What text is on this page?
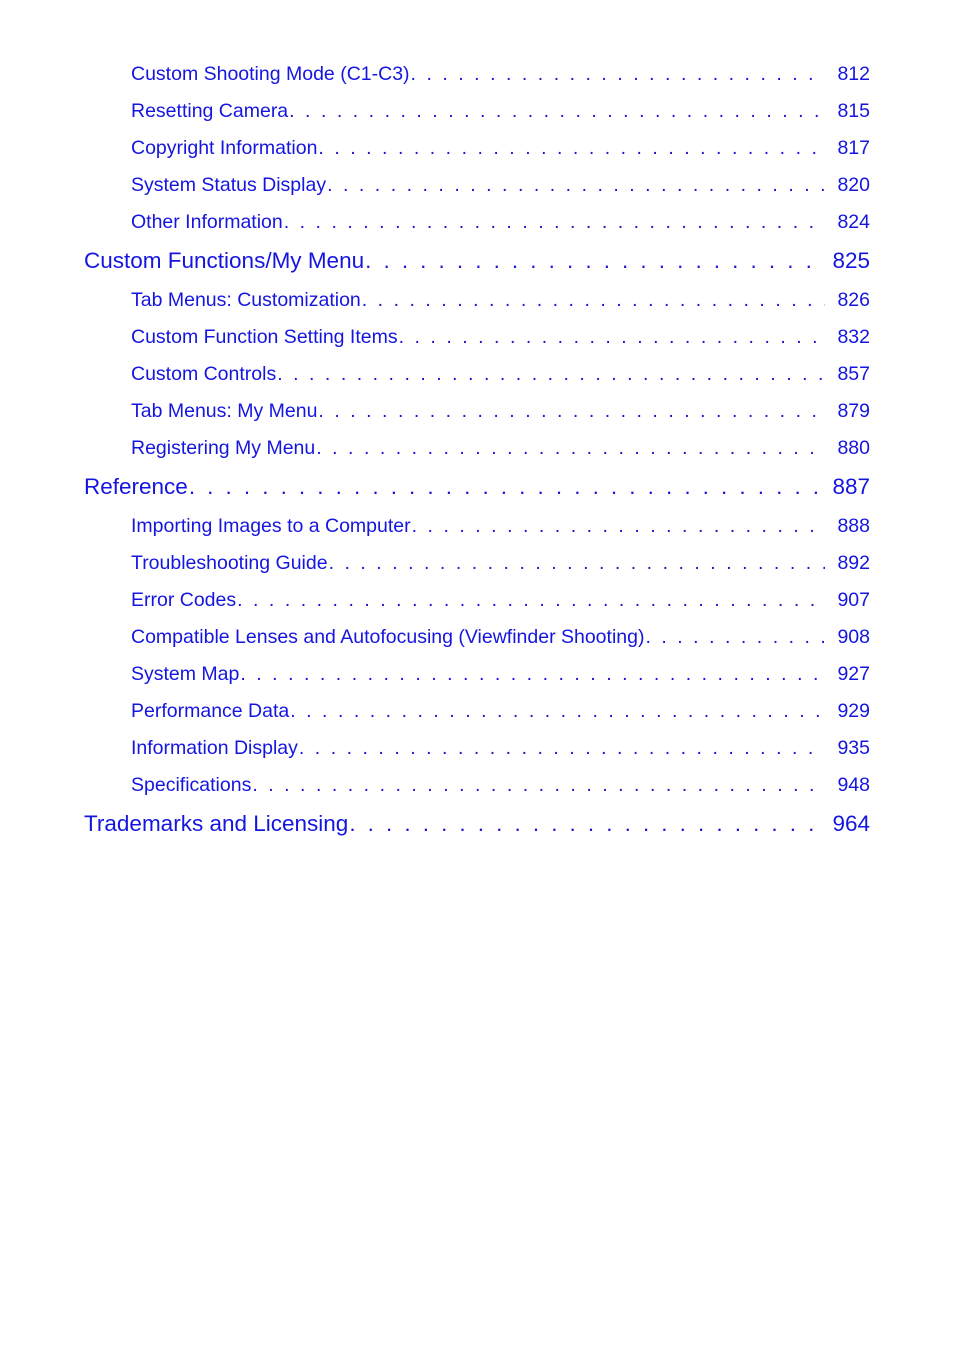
Custom Shooting Mode (C1-C3) . . .	812
Resetting Camera . . .	815
Copyright Information . . .	817
System Status Display . . .	820
Other Information . . .	824
Custom Functions/My Menu . . .	825
Tab Menus: Customization . . .	826
Custom Function Setting Items . . .	832
Custom Controls . . .	857
Tab Menus: My Menu . . .	879
Registering My Menu . . .	880
Reference . . .	887
Importing Images to a Computer . . .	888
Troubleshooting Guide . . .	892
Error Codes . . .	907
Compatible Lenses and Autofocusing (Viewfinder Shooting) . . .	908
System Map . . .	927
Performance Data . . .	929
Information Display . . .	935
Specifications . . .	948
Trademarks and Licensing . . .	964
